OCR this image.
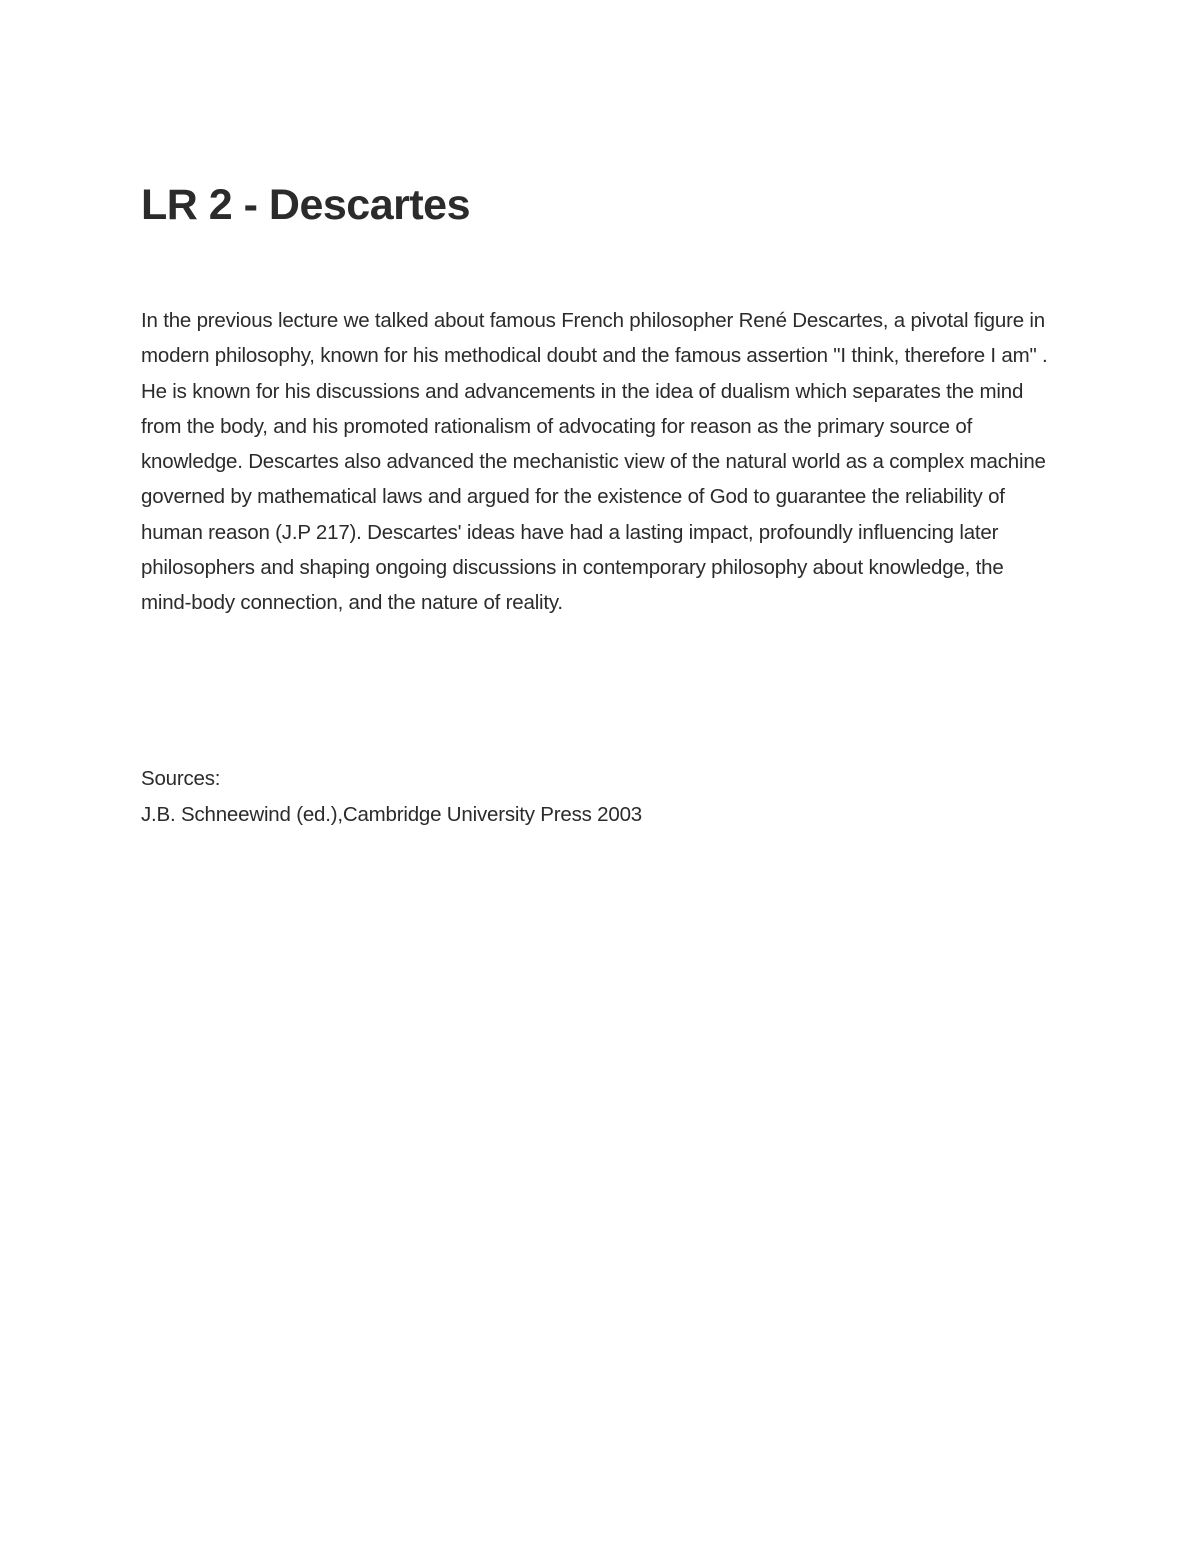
LR 2 - Descartes

In the previous lecture we talked about famous French philosopher René Descartes, a pivotal figure in modern philosophy, known for his methodical doubt and the famous assertion "I think, therefore I am" . He is known for his discussions and advancements in the idea of dualism which separates the mind from the body, and his promoted rationalism of advocating for reason as the primary source of knowledge. Descartes also advanced the mechanistic view of the natural world as a complex machine governed by mathematical laws and argued for the existence of God to guarantee the reliability of human reason (J.P 217). Descartes' ideas have had a lasting impact, profoundly influencing later philosophers and shaping ongoing discussions in contemporary philosophy about knowledge, the mind-body connection, and the nature of reality.

Sources:
J.B. Schneewind (ed.),Cambridge University Press 2003
